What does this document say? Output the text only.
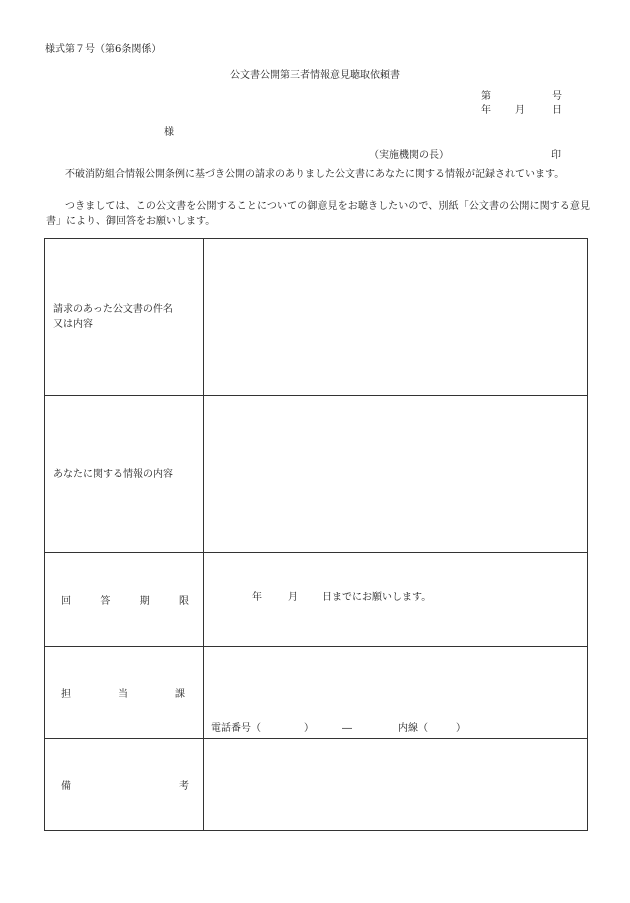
様式第７号（第6条関係）
公文書公開第三者情報意見聴取依頼書
第	号
年 月	日
様
（実施機関の長）	印
不破消防組合情報公開条例に基づき公開の請求のありました公文書にあなたに関する情報が記録されています。
つきましては、この公文書を公開することについての御意見をお聴きしたいので、別紙「公文書の公開に関する意見書」により、御回答をお願いします。
請求のあった公文書の件名
又は内容	

あなたに関する情報の内容	

回 答 期 限	年 月 日までにお願いします。

担 当 課	電話番号（ ） ― 内線（ ）

備 考	
